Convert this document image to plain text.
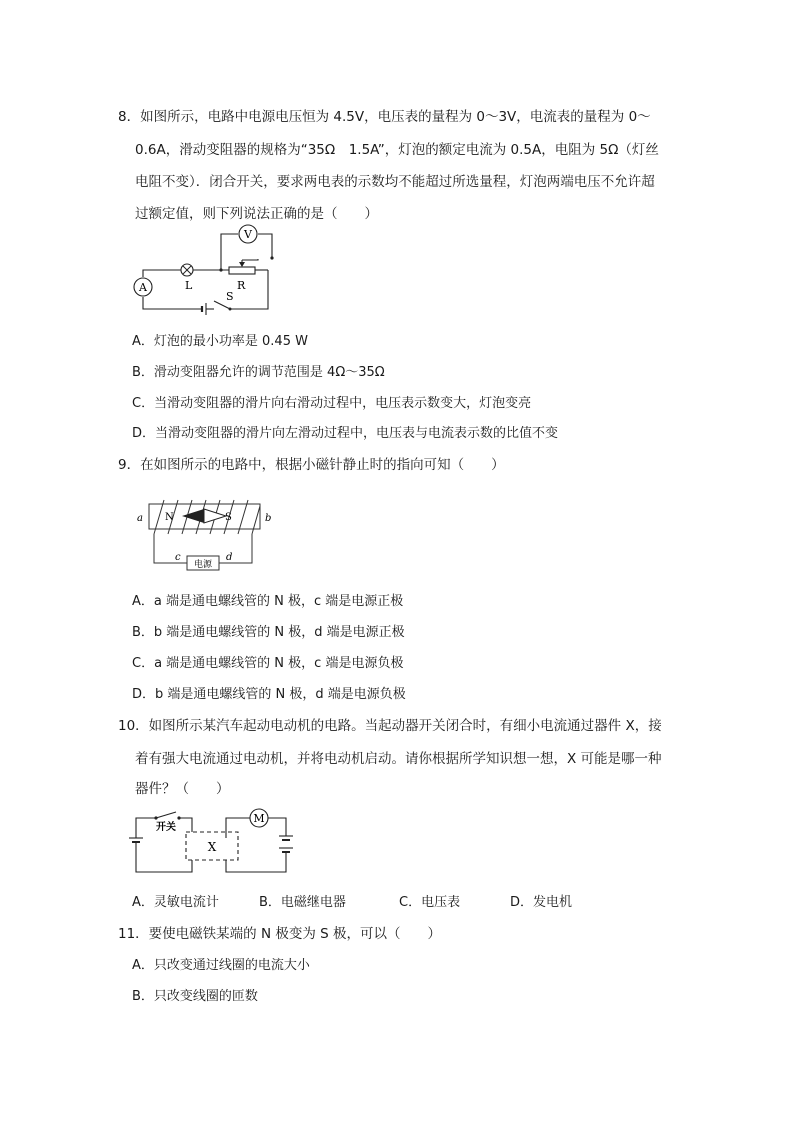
8．如图所示，电路中电源电压恒为 4.5V，电压表的量程为 0～3V，电流表的量程为 0～
0.6A，滑动变阻器的规格为“35Ω　1.5A”，灯泡的额定电流为 0.5A，电阻为 5Ω（灯丝
电阻不变）．闭合开关，要求两电表的示数均不能超过所选量程，灯泡两端电压不允许超
过额定值，则下列说法正确的是（　　）
A	L
V
R
S
A．灯泡的最小功率是 0.45 W
B．滑动变阻器允许的调节范围是 4Ω～35Ω
C．当滑动变阻器的滑片向右滑动过程中，电压表示数变大，灯泡变亮
D．当滑动变阻器的滑片向左滑动过程中，电压表与电流表示数的比值不变
9．在如图所示的电路中，根据小磁针静止时的指向可知（　　）
N	S
a	b
c	d
电源
A．a 端是通电螺线管的 N 极，c 端是电源正极
B．b 端是通电螺线管的 N 极，d 端是电源正极
C．a 端是通电螺线管的 N 极，c 端是电源负极
D．b 端是通电螺线管的 N 极，d 端是电源负极
10．如图所示某汽车起动电动机的电路。当起动器开关闭合时，有细小电流通过器件 X，接
着有强大电流通过电动机，并将电动机启动。请你根据所学知识想一想，X 可能是哪一种
器件？（　　）
开关
X
M
A．灵敏电流计	B．电磁继电器	C．电压表	D．发电机
11．要使电磁铁某端的 N 极变为 S 极，可以（　　）
A．只改变通过线圈的电流大小
B．只改变线圈的匝数
